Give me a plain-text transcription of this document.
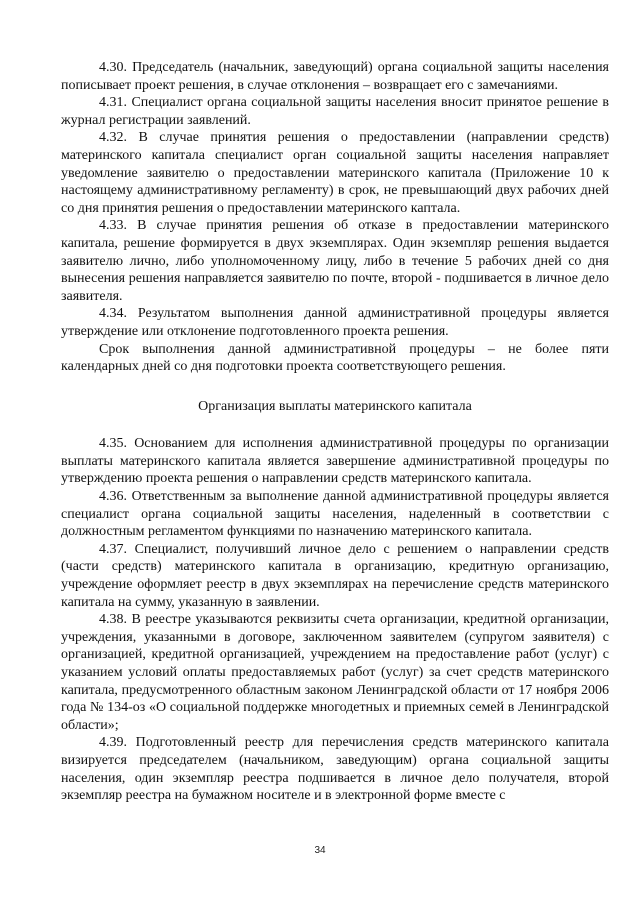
4.30. Председатель (начальник, заведующий) органа социальной защиты населения пописывает проект решения, в случае отклонения – возвращает его с замечаниями.

4.31. Специалист органа социальной защиты населения вносит принятое решение в журнал регистрации заявлений.

4.32. В случае принятия решения о предоставлении (направлении средств) материнского капитала специалист орган социальной защиты населения направляет уведомление заявителю о предоставлении материнского капитала (Приложение 10 к настоящему административному регламенту) в срок, не превышающий двух рабочих дней со дня принятия решения о предоставлении материнского каптала.

4.33. В случае принятия решения об отказе в предоставлении материнского капитала, решение формируется в двух экземплярах. Один экземпляр решения выдается заявителю лично, либо уполномоченному лицу, либо в течение 5 рабочих дней со дня вынесения решения направляется заявителю по почте, второй - подшивается в личное дело заявителя.

4.34. Результатом выполнения данной административной процедуры является утверждение или отклонение подготовленного проекта решения.

Срок выполнения данной административной процедуры – не более пяти календарных дней со дня подготовки проекта соответствующего решения.

Организация выплаты материнского капитала

4.35. Основанием для исполнения административной процедуры по организации выплаты материнского капитала является завершение административной процедуры по утверждению проекта решения о направлении средств материнского капитала.

4.36. Ответственным за выполнение данной административной процедуры является специалист органа социальной защиты населения, наделенный в соответствии с должностным регламентом функциями по назначению материнского капитала.

4.37. Специалист, получивший личное дело с решением о направлении средств (части средств) материнского капитала в организацию, кредитную организацию, учреждение оформляет реестр в двух экземплярах на перечисление средств материнского капитала на сумму, указанную в заявлении.

4.38. В реестре указываются реквизиты счета организации, кредитной организации, учреждения, указанными в договоре, заключенном заявителем (супругом заявителя) с организацией, кредитной организацией, учреждением на предоставление работ (услуг) с указанием условий оплаты предоставляемых работ (услуг) за счет средств материнского капитала, предусмотренного областным законом Ленинградской области от 17 ноября 2006 года № 134-оз «О социальной поддержке многодетных и приемных семей в Ленинградской области»;

4.39. Подготовленный реестр для перечисления средств материнского капитала визируется председателем (начальником, заведующим) органа социальной защиты населения, один экземпляр реестра подшивается в личное дело получателя, второй экземпляр реестра на бумажном носителе и в электронной форме вместе с

34
